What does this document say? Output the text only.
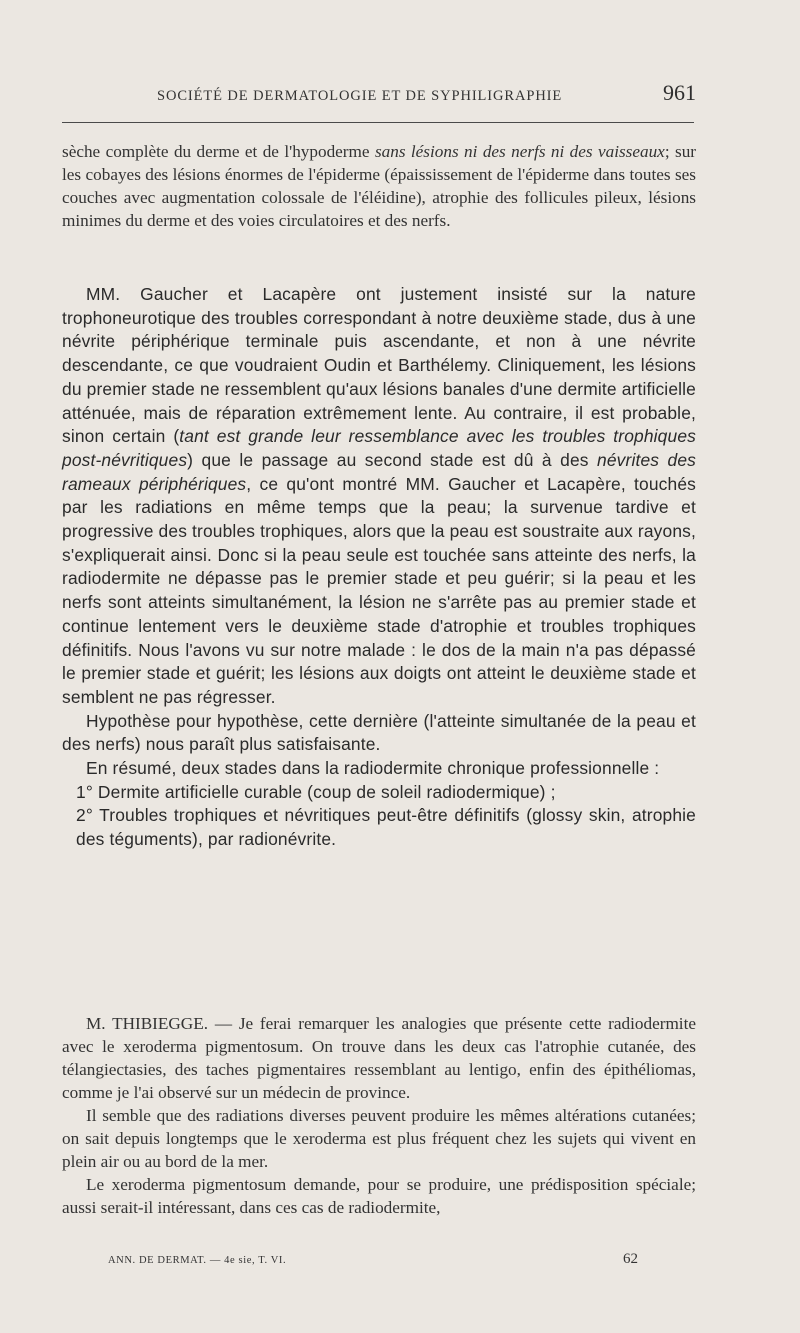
SOCIÉTÉ DE DERMATOLOGIE ET DE SYPHILIGRAPHIE	961

sèche complète du derme et de l'hypoderme sans lésions ni des nerfs ni des vaisseaux; sur les cobayes des lésions énormes de l'épiderme (épaississement de l'épiderme dans toutes ses couches avec augmentation colossale de l'éléidine), atrophie des follicules pileux, lésions minimes du derme et des voies circulatoires et des nerfs.

MM. Gaucher et Lacapère ont justement insisté sur la nature trophoneurotique des troubles correspondant à notre deuxième stade, dus à une névrite périphérique terminale puis ascendante, et non à une névrite descendante, ce que voudraient Oudin et Barthélemy. Cliniquement, les lésions du premier stade ne ressemblent qu'aux lésions banales d'une dermite artificielle atténuée, mais de réparation extrêmement lente. Au contraire, il est probable, sinon certain (tant est grande leur ressemblance avec les troubles trophiques post-névritiques) que le passage au second stade est dû à des névrites des rameaux périphériques, ce qu'ont montré MM. Gaucher et Lacapère, touchés par les radiations en même temps que la peau; la survenue tardive et progressive des troubles trophiques, alors que la peau est soustraite aux rayons, s'expliquerait ainsi. Donc si la peau seule est touchée sans atteinte des nerfs, la radiodermite ne dépasse pas le premier stade et peu guérir; si la peau et les nerfs sont atteints simultanément, la lésion ne s'arrête pas au premier stade et continue lentement vers le deuxième stade d'atrophie et troubles trophiques définitifs. Nous l'avons vu sur notre malade : le dos de la main n'a pas dépassé le premier stade et guérit; les lésions aux doigts ont atteint le deuxième stade et semblent ne pas régresser.

Hypothèse pour hypothèse, cette dernière (l'atteinte simultanée de la peau et des nerfs) nous paraît plus satisfaisante.

En résumé, deux stades dans la radiodermite chronique professionnelle :

1° Dermite artificielle curable (coup de soleil radiodermique) ;

2° Troubles trophiques et névritiques peut-être définitifs (glossy skin, atrophie des téguments), par radionévrite.

M. THIBIEGGE. — Je ferai remarquer les analogies que présente cette radiodermite avec le xeroderma pigmentosum. On trouve dans les deux cas l'atrophie cutanée, des télangiectasies, des taches pigmentaires ressemblant au lentigo, enfin des épithéliomas, comme je l'ai observé sur un médecin de province.

Il semble que des radiations diverses peuvent produire les mêmes altérations cutanées; on sait depuis longtemps que le xeroderma est plus fréquent chez les sujets qui vivent en plein air ou au bord de la mer.

Le xeroderma pigmentosum demande, pour se produire, une prédisposition spéciale; aussi serait-il intéressant, dans ces cas de radiodermite,

ANN. DE DERMAT. — 4e sie, T. VI.	62
